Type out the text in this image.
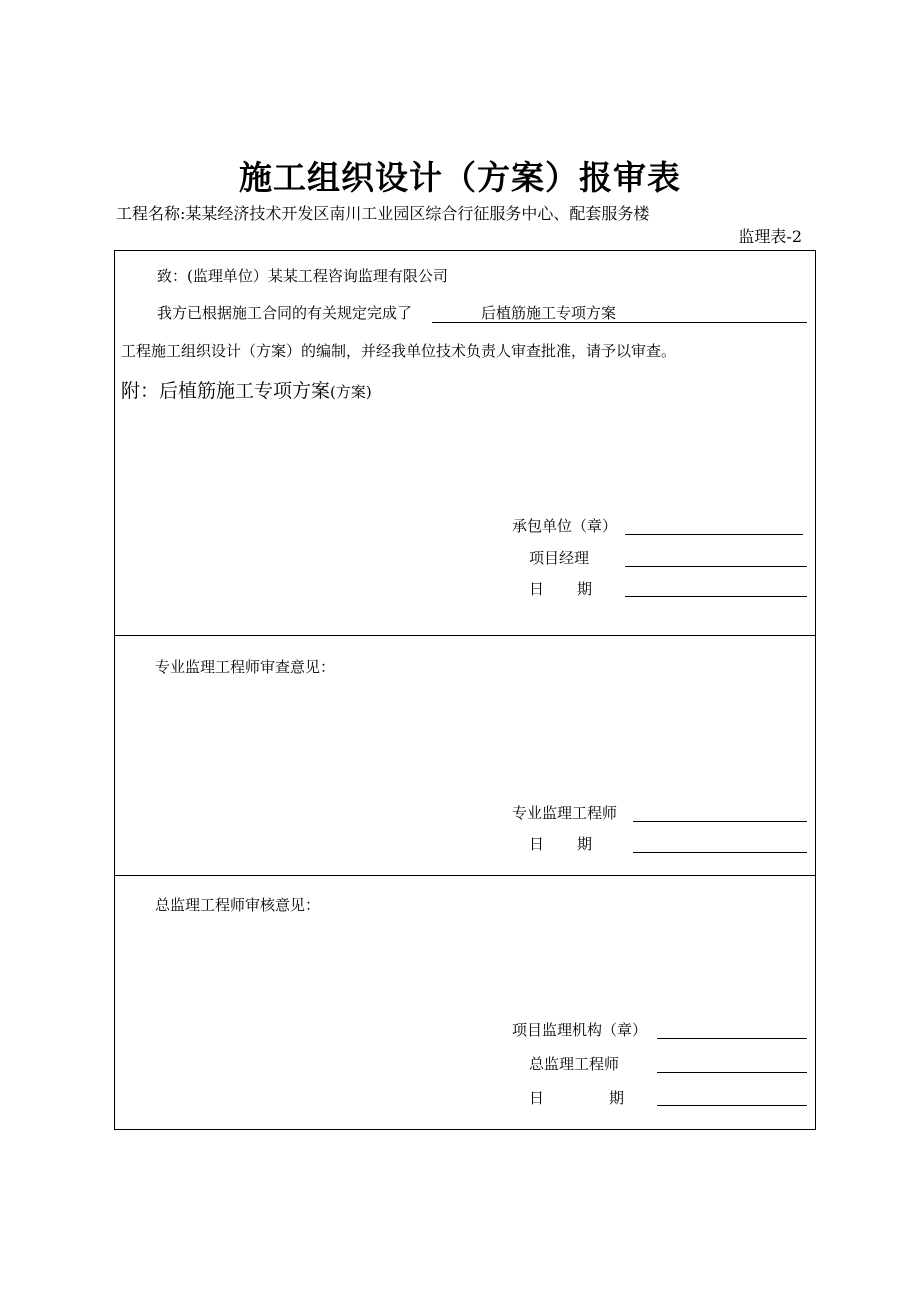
施工组织设计（方案）报审表
工程名称:某某经济技术开发区南川工业园区综合行征服务中心、配套服务楼
监理表-2
致：(监理单位）某某工程咨询监理有限公司
我方已根据施工合同的有关规定完成了	后植筋施工专项方案
工程施工组织设计（方案）的编制，并经我单位技术负责人审查批准，请予以审查。
附：后植筋施工专项方案(方案)
承包单位（章）
项目经理
日 期
专业监理工程师审查意见：
专业监理工程师
日 期
总监理工程师审核意见：
项目监理机构（章）
总监理工程师
日	期
